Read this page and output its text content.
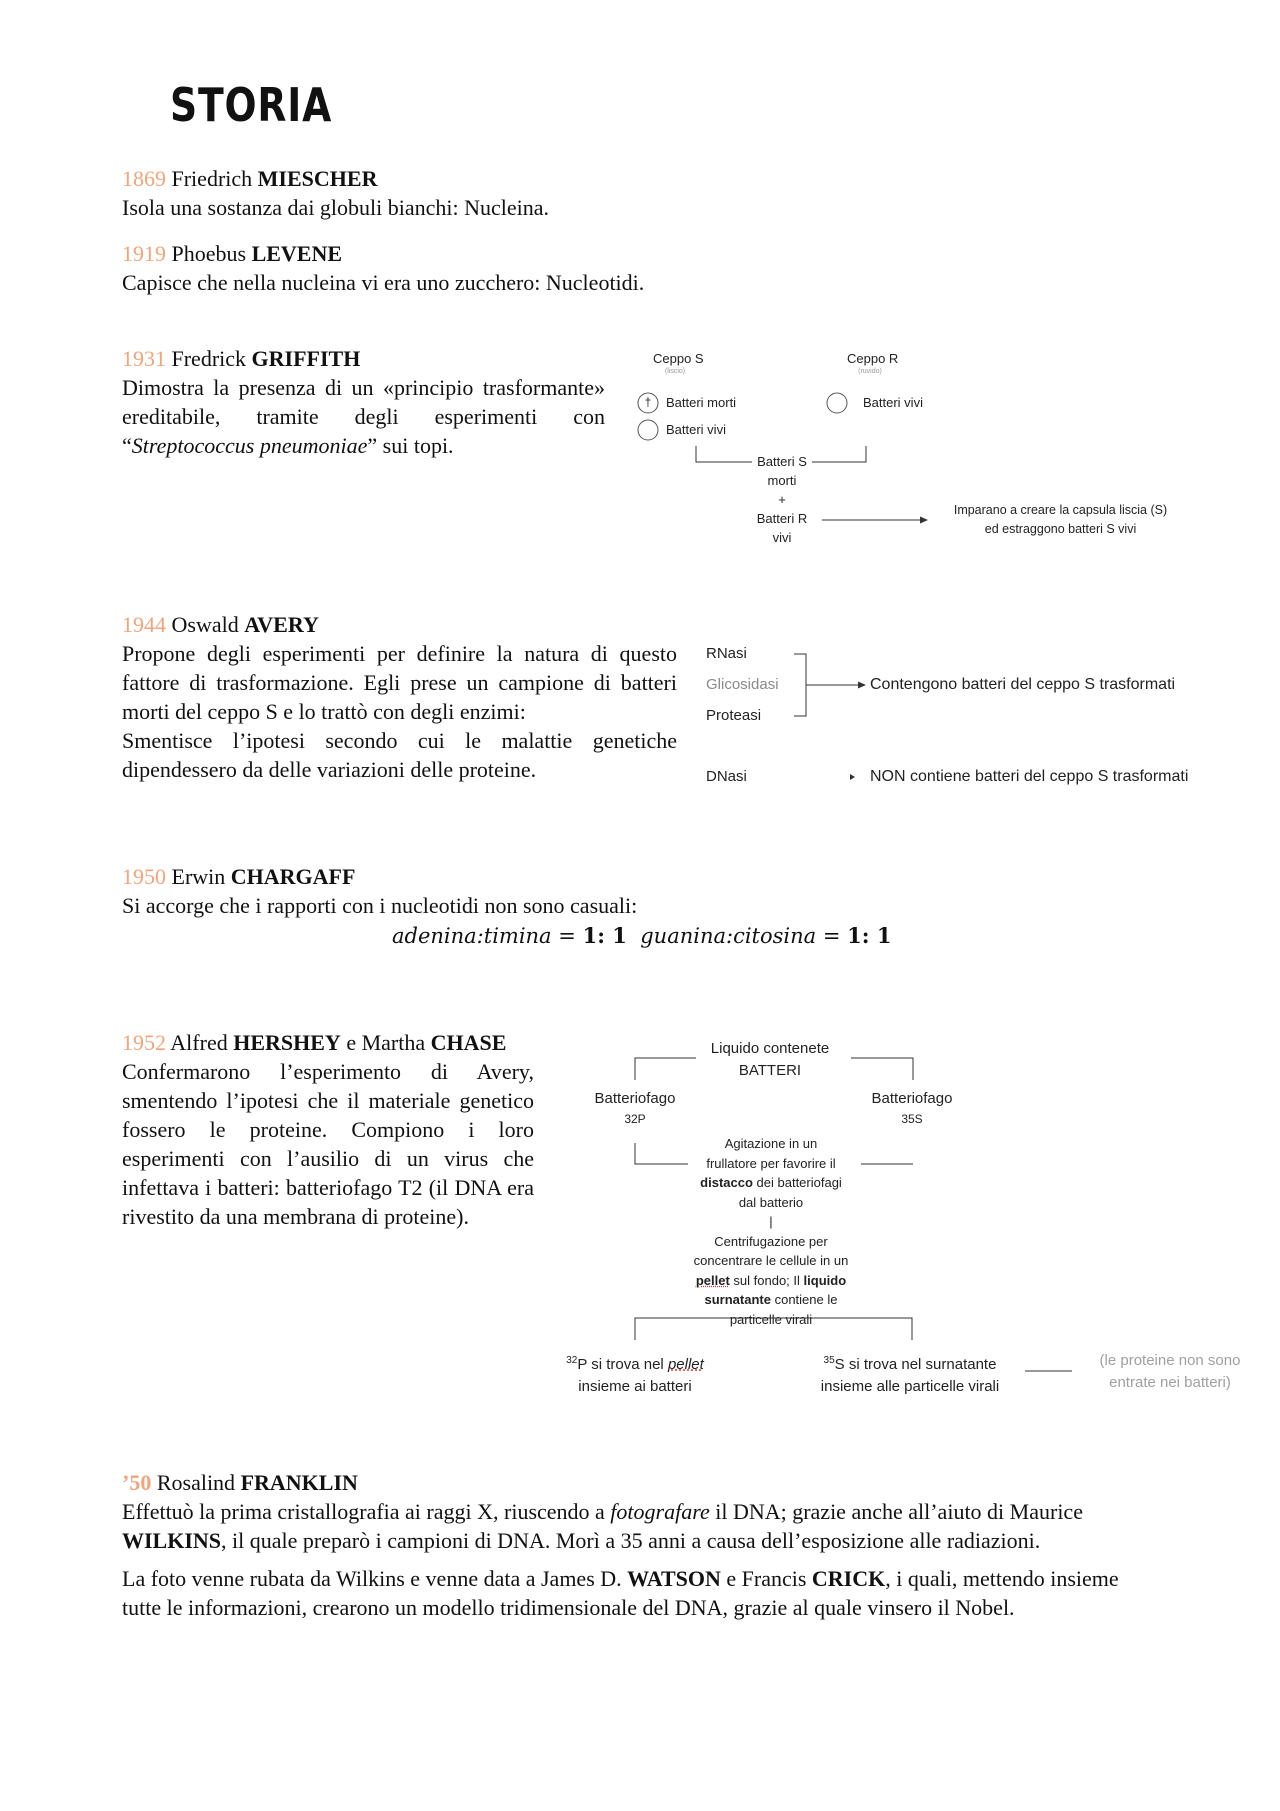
STORIA
1869 Friedrich MIESCHER
Isola una sostanza dai globuli bianchi: Nucleina.
1919 Phoebus LEVENE
Capisce che nella nucleina vi era uno zucchero: Nucleotidi.
1931 Fredrick GRIFFITH
Dimostra la presenza di un «principio trasformante» ereditabile, tramite degli esperimenti con “Streptococcus pneumoniae” sui topi.
Ceppo S
(liscio)
Ceppo R
(ruvido)
†	Batteri morti
Batteri vivi
Batteri vivi
Batteri S
morti
+
Batteri R
vivi
Imparano a creare la capsula liscia (S)
ed estraggono batteri S vivi
1944 Oswald AVERY
Propone degli esperimenti per definire la natura di questo fattore di trasformazione. Egli prese un campione di batteri morti del ceppo S e lo trattò con degli enzimi:
Smentisce l’ipotesi secondo cui le malattie genetiche dipendessero da delle variazioni delle proteine.
RNasi
Glicosidasi
Proteasi
DNasi
Contengono batteri del ceppo S trasformati
NON contiene batteri del ceppo S trasformati
1950 Erwin CHARGAFF
Si accorge che i rapporti con i nucleotidi non sono casuali:
adenina:timina = 1: 1 guanina:citosina = 1: 1
1952 Alfred HERSHEY e Martha CHASE
Confermarono l’esperimento di Avery, smentendo l’ipotesi che il materiale genetico fossero le proteine. Compiono i loro esperimenti con l’ausilio di un virus che infettava i batteri: batteriofago T2 (il DNA era rivestito da una membrana di proteine).
Liquido contenete
BATTERI
Batteriofago
32P
Batteriofago
35S
Agitazione in un
frullatore per favorire il
distacco dei batteriofagi
dal batterio
|
Centrifugazione per
concentrare le cellule in un
pellet sul fondo; Il liquido
surnatante contiene le
particelle virali
$^{32}$P si trova nel pellet
insieme ai batteri
$^{35}$S si trova nel surnatante
insieme alle particelle virali
(le proteine non sono
entrate nei batteri)
’50 Rosalind FRANKLIN
Effettuò la prima cristallografia ai raggi X, riuscendo a fotografare il DNA; grazie anche all’aiuto di Maurice WILKINS, il quale preparò i campioni di DNA. Morì a 35 anni a causa dell’esposizione alle radiazioni.
La foto venne rubata da Wilkins e venne data a James D. WATSON e Francis CRICK, i quali, mettendo insieme tutte le informazioni, crearono un modello tridimensionale del DNA, grazie al quale vinsero il Nobel.
